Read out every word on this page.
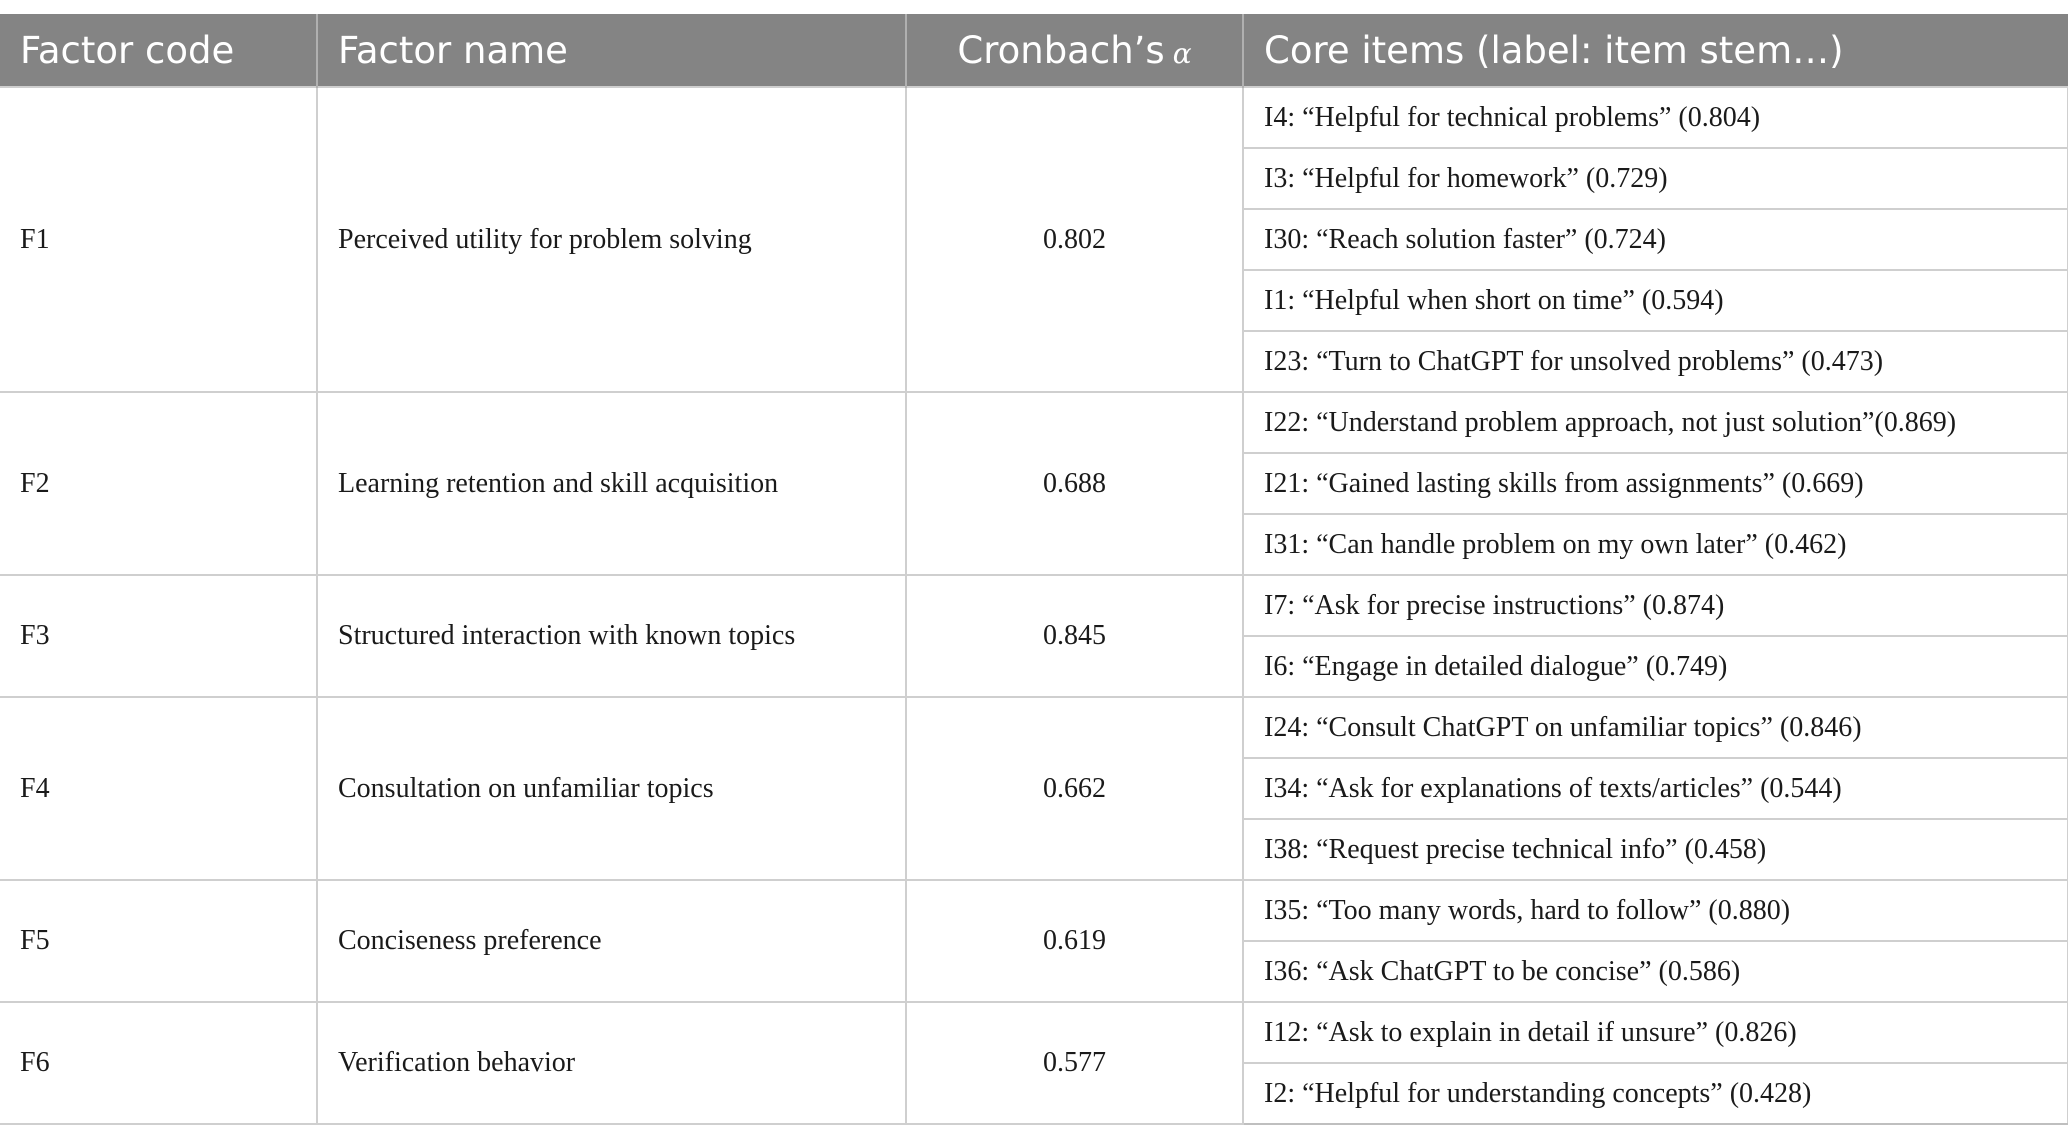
Factor code	Factor name	Cronbach’s α	Core items (label: item stem…)
F1	Perceived utility for problem solving	0.802	I4: “Helpful for technical problems” (0.804)
			I3: “Helpful for homework” (0.729)
			I30: “Reach solution faster” (0.724)
			I1: “Helpful when short on time” (0.594)
			I23: “Turn to ChatGPT for unsolved problems” (0.473)
F2	Learning retention and skill acquisition	0.688	I22: “Understand problem approach, not just solution”(0.869)
			I21: “Gained lasting skills from assignments” (0.669)
			I31: “Can handle problem on my own later” (0.462)
F3	Structured interaction with known topics	0.845	I7: “Ask for precise instructions” (0.874)
			I6: “Engage in detailed dialogue” (0.749)
F4	Consultation on unfamiliar topics	0.662	I24: “Consult ChatGPT on unfamiliar topics” (0.846)
			I34: “Ask for explanations of texts/articles” (0.544)
			I38: “Request precise technical info” (0.458)
F5	Conciseness preference	0.619	I35: “Too many words, hard to follow” (0.880)
			I36: “Ask ChatGPT to be concise” (0.586)
F6	Verification behavior	0.577	I12: “Ask to explain in detail if unsure” (0.826)
			I2: “Helpful for understanding concepts” (0.428)
